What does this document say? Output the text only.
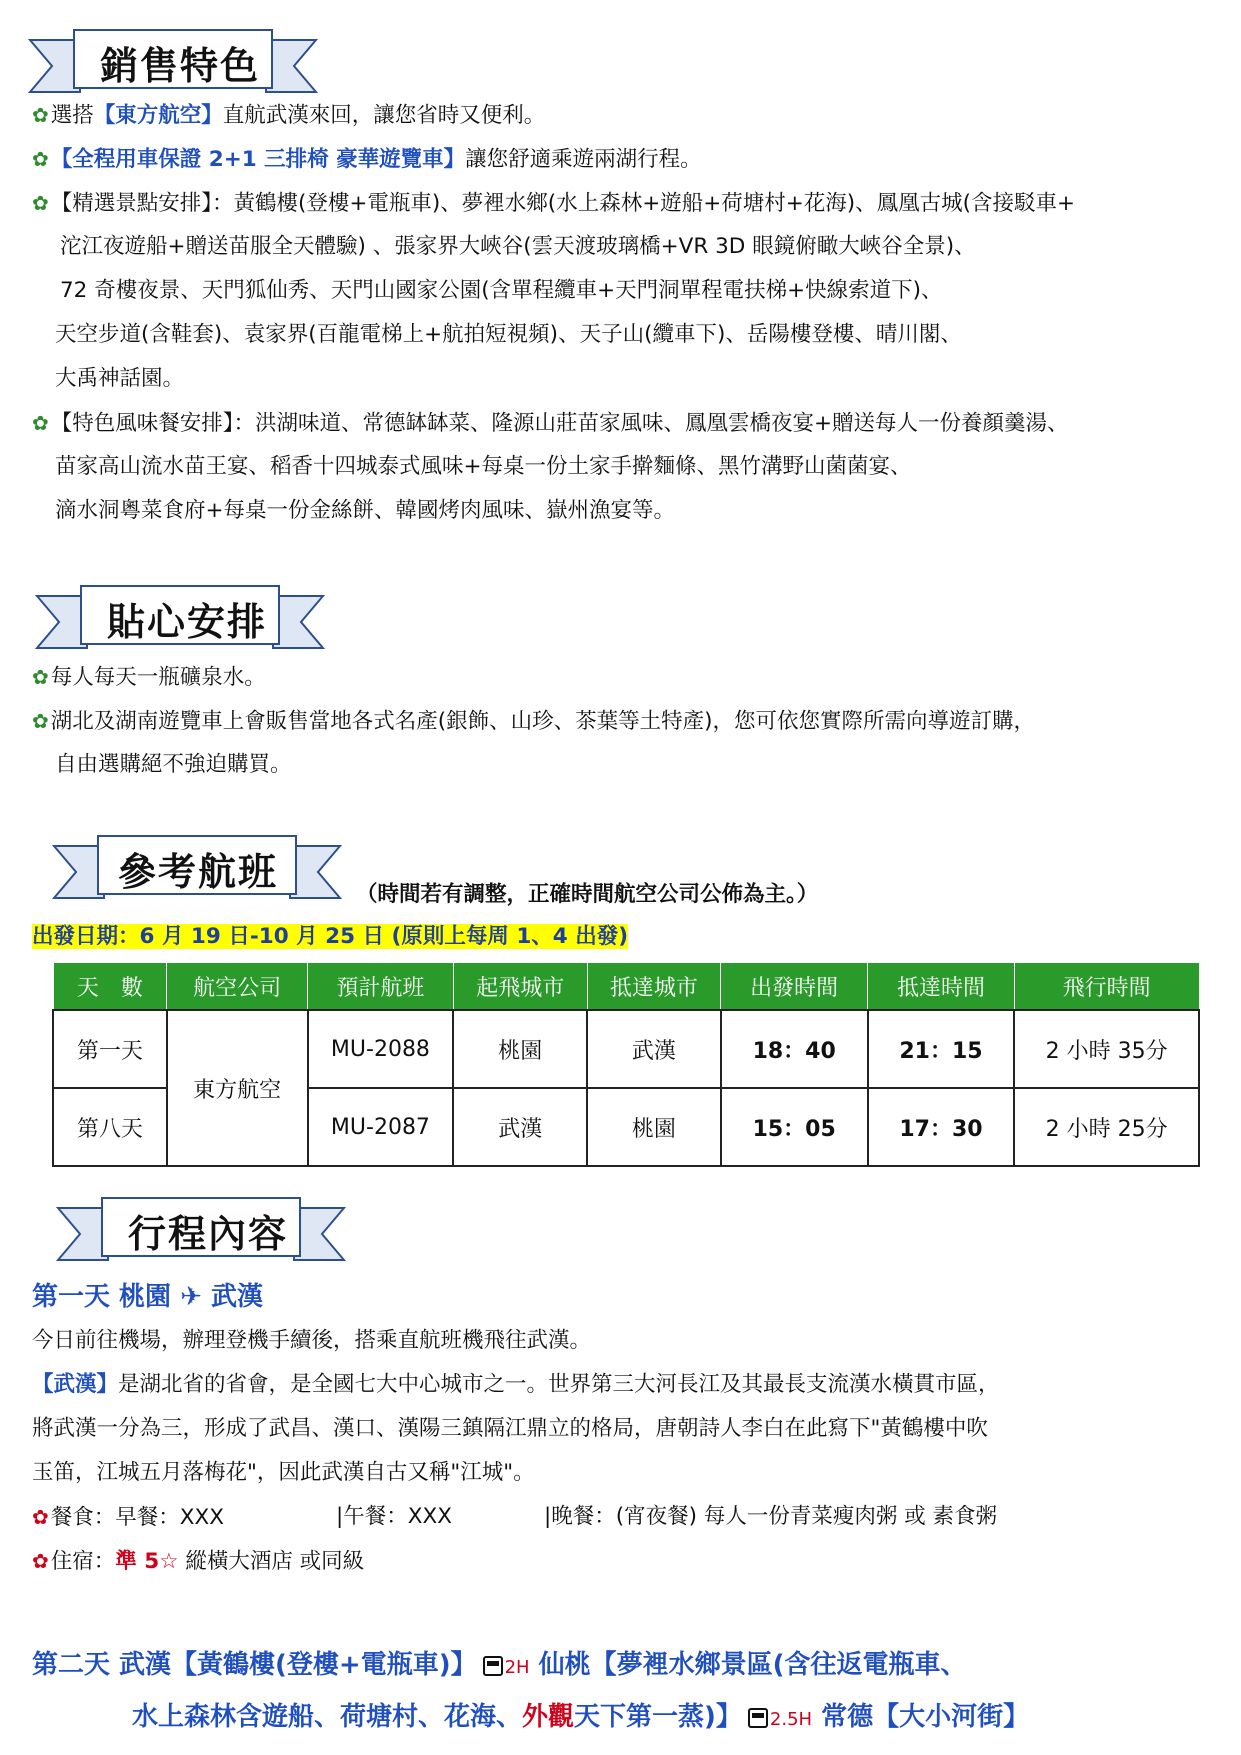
銷售特色
✿選搭【東方航空】直航武漢來回，讓您省時又便利。
✿【全程用車保證 2+1 三排椅 豪華遊覽車】讓您舒適乘遊兩湖行程。
✿【精選景點安排】：黃鶴樓(登樓+電瓶車)、夢裡水鄉(水上森林+遊船+荷塘村+花海)、鳳凰古城(含接駁車+
沱江夜遊船+贈送苗服全天體驗) 、張家界大峽谷(雲天渡玻璃橋+VR 3D 眼鏡俯瞰大峽谷全景)、
72 奇樓夜景、天門狐仙秀、天門山國家公園(含單程纜車+天門洞單程電扶梯+快線索道下)、
天空步道(含鞋套)、袁家界(百龍電梯上+航拍短視頻)、天子山(纜車下)、岳陽樓登樓、晴川閣、
大禹神話園。
✿【特色風味餐安排】：洪湖味道、常德缽缽菜、隆源山莊苗家風味、鳳凰雲橋夜宴+贈送每人一份養顏羹湯、
苗家高山流水苗王宴、稻香十四城泰式風味+每桌一份土家手擀麵條、黑竹溝野山菌菌宴、
滴水洞粵菜食府+每桌一份金絲餅、韓國烤肉風味、嶽州漁宴等。
貼心安排
✿每人每天一瓶礦泉水。
✿湖北及湖南遊覽車上會販售當地各式名產(銀飾、山珍、茶葉等土特產)，您可依您實際所需向導遊訂購，
自由選購絕不強迫購買。
參考航班
（時間若有調整，正確時間航空公司公佈為主。）
出發日期：6 月 19 日-10 月 25 日 (原則上每周 1、4 出發)
天　數	航空公司	預計航班	起飛城市	抵達城市	出發時間	抵達時間	飛行時間
第一天	東方航空	MU-2088	桃園	武漢	18：40	21：15	2 小時 35分
第八天		MU-2087	武漢	桃園	15：05	17：30	2 小時 25分
行程內容
第一天 桃園 ✈ 武漢
今日前往機場，辦理登機手續後，搭乘直航班機飛往武漢。
【武漢】是湖北省的省會，是全國七大中心城市之一。世界第三大河長江及其最長支流漢水橫貫市區，
將武漢一分為三，形成了武昌、漢口、漢陽三鎮隔江鼎立的格局，唐朝詩人李白在此寫下"黃鶴樓中吹
玉笛，江城五月落梅花"，因此武漢自古又稱"江城"。
✿餐食：早餐：XXX	|午餐：XXX	|晚餐：(宵夜餐) 每人一份青菜瘦肉粥 或 素食粥
✿住宿：準 5☆ 縱橫大酒店 或同級
第二天 武漢【黃鶴樓(登樓+電瓶車)】 2H 仙桃【夢裡水鄉景區(含往返電瓶車、
水上森林含遊船、荷塘村、花海、外觀天下第一蒸)】 2.5H 常德【大小河街】
